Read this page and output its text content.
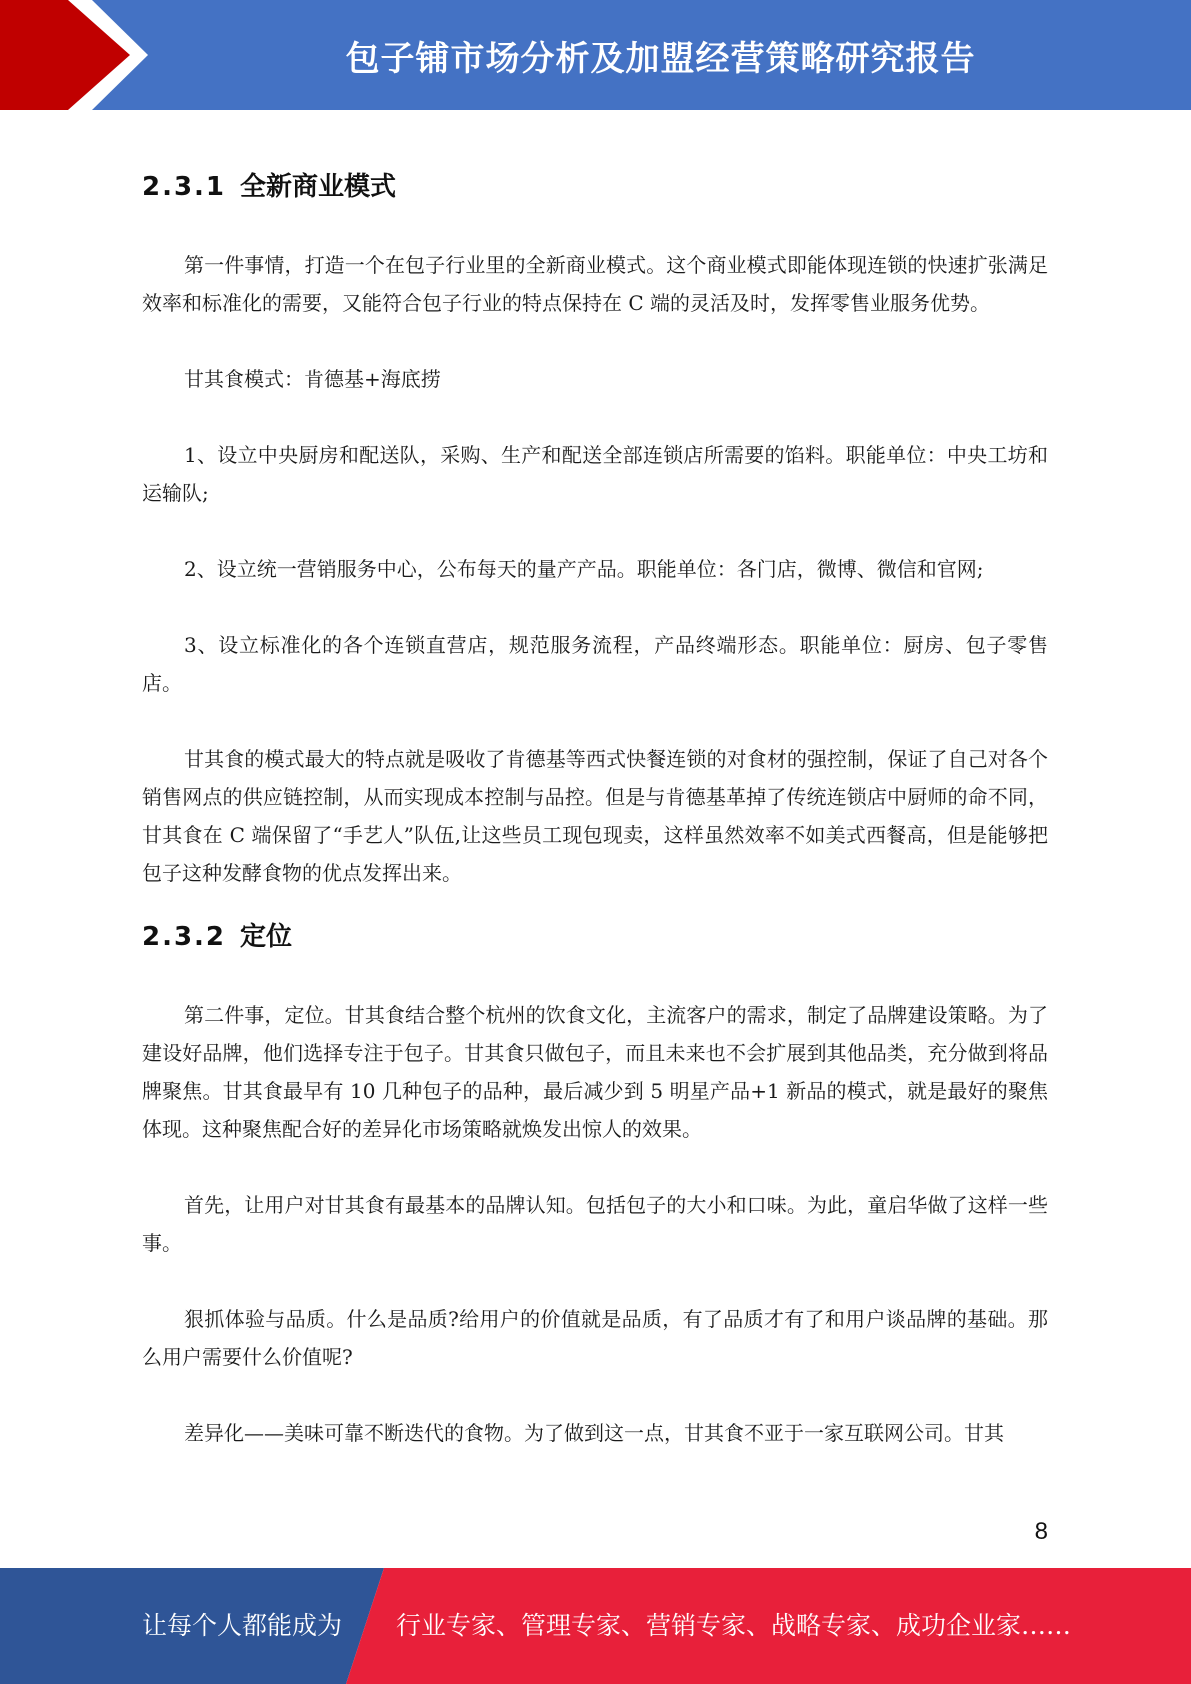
包子铺市场分析及加盟经营策略研究报告
2.3.1 全新商业模式

第一件事情，打造一个在包子行业里的全新商业模式。这个商业模式即能体现连锁的快速扩张满足效率和标准化的需要，又能符合包子行业的特点保持在 C 端的灵活及时，发挥零售业服务优势。

甘其食模式：肯德基+海底捞

1、设立中央厨房和配送队，采购、生产和配送全部连锁店所需要的馅料。职能单位：中央工坊和运输队;

2、设立统一营销服务中心，公布每天的量产产品。职能单位：各门店，微博、微信和官网;

3、设立标准化的各个连锁直营店，规范服务流程，产品终端形态。职能单位：厨房、包子零售店。

甘其食的模式最大的特点就是吸收了肯德基等西式快餐连锁的对食材的强控制，保证了自己对各个销售网点的供应链控制，从而实现成本控制与品控。但是与肯德基革掉了传统连锁店中厨师的命不同，甘其食在 C 端保留了“手艺人”队伍,让这些员工现包现卖，这样虽然效率不如美式西餐高，但是能够把包子这种发酵食物的优点发挥出来。

2.3.2 定位

第二件事，定位。甘其食结合整个杭州的饮食文化，主流客户的需求，制定了品牌建设策略。为了建设好品牌，他们选择专注于包子。甘其食只做包子，而且未来也不会扩展到其他品类，充分做到将品牌聚焦。甘其食最早有 10 几种包子的品种，最后减少到 5 明星产品+1 新品的模式，就是最好的聚焦体现。这种聚焦配合好的差异化市场策略就焕发出惊人的效果。

首先，让用户对甘其食有最基本的品牌认知。包括包子的大小和口味。为此，童启华做了这样一些事。

狠抓体验与品质。什么是品质?给用户的价值就是品质，有了品质才有了和用户谈品牌的基础。那么用户需要什么价值呢?

差异化——美味可靠不断迭代的食物。为了做到这一点，甘其食不亚于一家互联网公司。甘其

8
让每个人都能成为 行业专家、管理专家、营销专家、战略专家、成功企业家……
